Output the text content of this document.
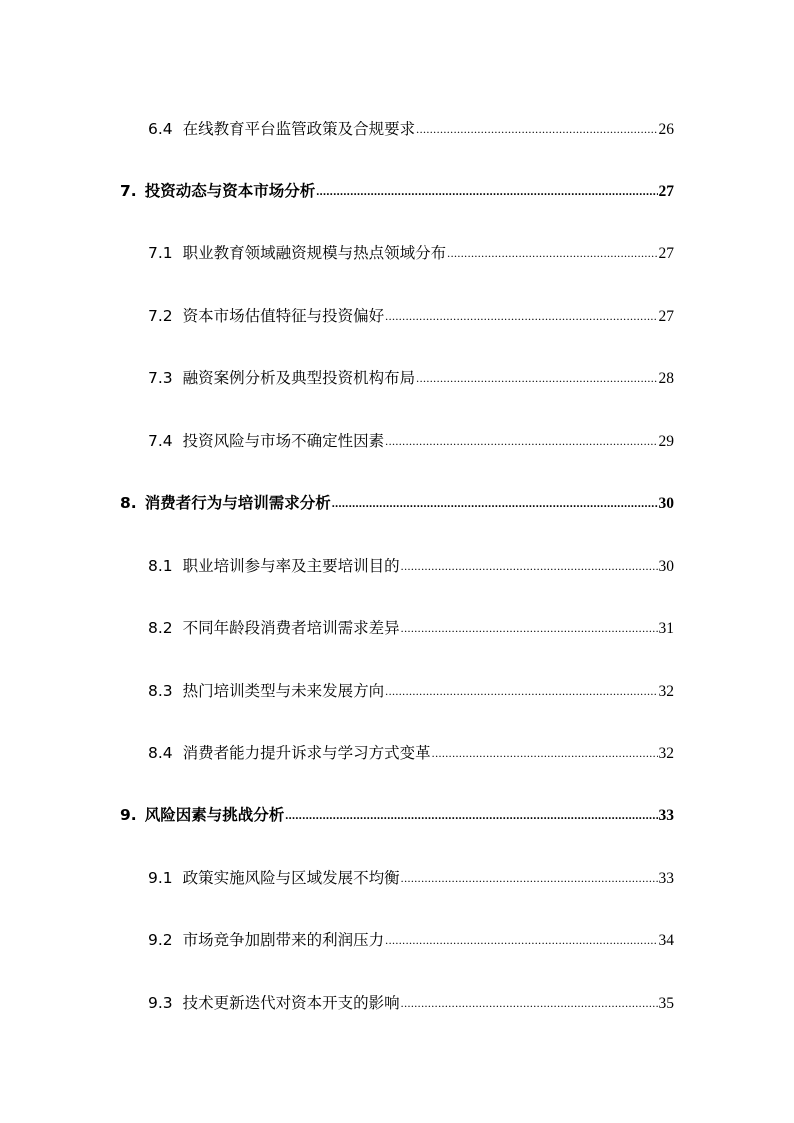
6.4 在线教育平台监管政策及合规要求 .....	26
7. 投资动态与资本市场分析 .....	27
7.1 职业教育领域融资规模与热点领域分布 .....	27
7.2 资本市场估值特征与投资偏好 .....	27
7.3 融资案例分析及典型投资机构布局 .....	28
7.4 投资风险与市场不确定性因素 .....	29
8. 消费者行为与培训需求分析 .....	30
8.1 职业培训参与率及主要培训目的 .....	30
8.2 不同年龄段消费者培训需求差异 .....	31
8.3 热门培训类型与未来发展方向 .....	32
8.4 消费者能力提升诉求与学习方式变革 .....	32
9. 风险因素与挑战分析 .....	33
9.1 政策实施风险与区域发展不均衡 .....	33
9.2 市场竞争加剧带来的利润压力 .....	34
9.3 技术更新迭代对资本开支的影响 .....	35
